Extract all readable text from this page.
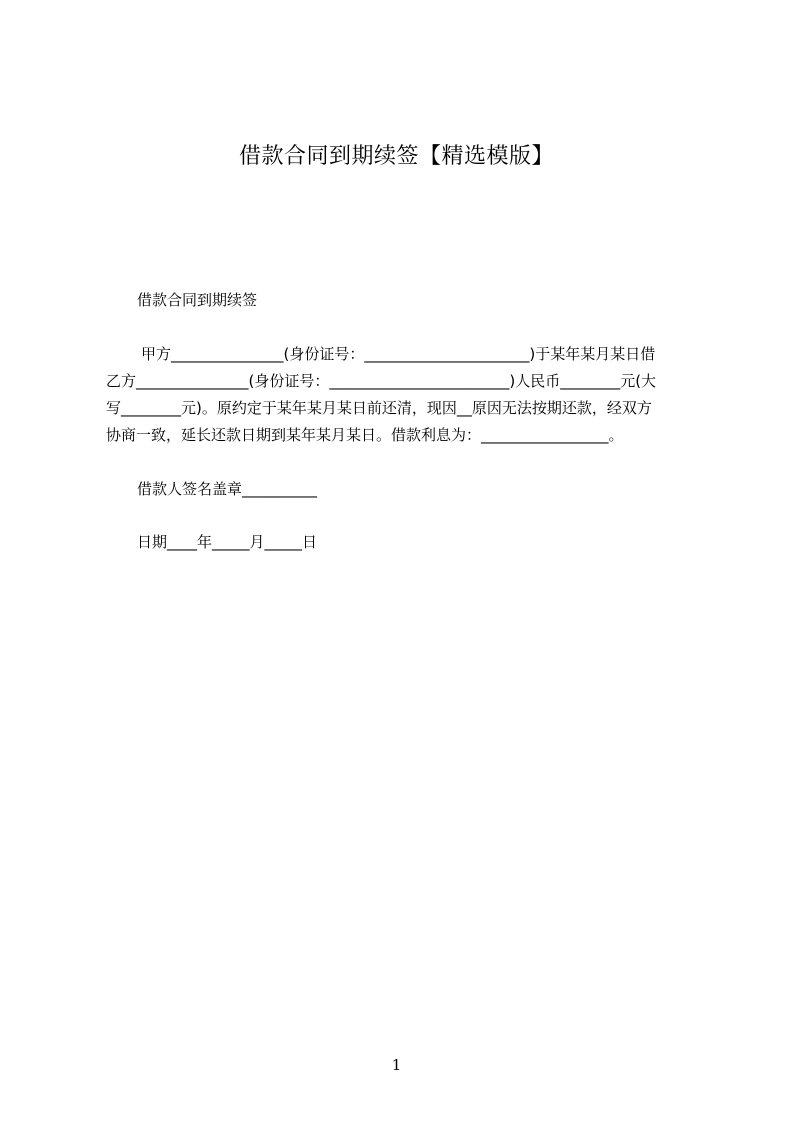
借款合同到期续签【精选模版】
借款合同到期续签
甲方_______________(身份证号：______________________)于某年某月某日借
乙方_______________(身份证号：________________________)人民币________元(大
写________元)。原约定于某年某月某日前还清，现因__原因无法按期还款，经双方
协商一致，延长还款日期到某年某月某日。借款利息为：_________________。
借款人签名盖章__________
日期____年_____月_____日
1
